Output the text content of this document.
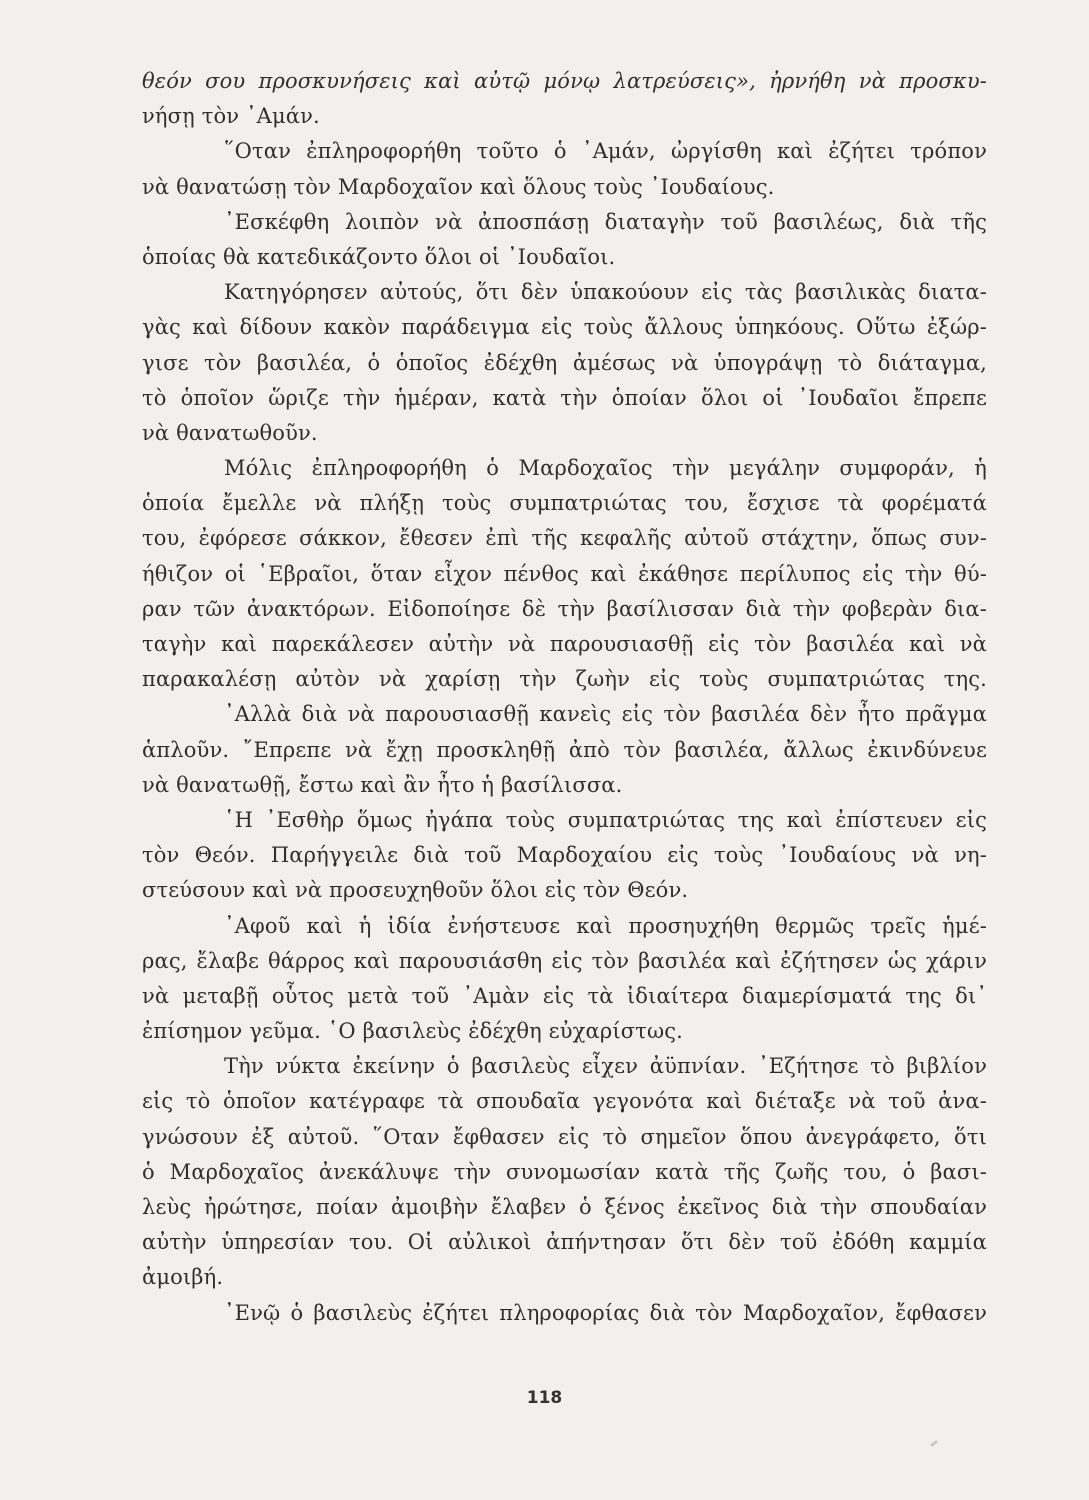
θεόν σου προσκυνήσεις καὶ αὐτῷ μόνῳ λατρεύσεις», ἠρνήθη νὰ προσκυ-
νήσῃ τὸν ᾿Αμάν.
῞Οταν ἐπληροφορήθη τοῦτο ὁ ᾿Αμάν, ὠργίσθη καὶ ἐζήτει τρόπον
νὰ θανατώσῃ τὸν Μαρδοχαῖον καὶ ὅλους τοὺς ᾿Ιουδαίους.
᾿Εσκέφθη λοιπὸν νὰ ἀποσπάσῃ διαταγὴν τοῦ βασιλέως, διὰ τῆς
ὁποίας θὰ κατεδικάζοντο ὅλοι οἱ ᾿Ιουδαῖοι.
Κατηγόρησεν αὐτούς, ὅτι δὲν ὑπακούουν εἰς τὰς βασιλικὰς διατα-
γὰς καὶ δίδουν κακὸν παράδειγμα εἰς τοὺς ἄλλους ὑπηκόους. Οὕτω ἐξώρ-
γισε τὸν βασιλέα, ὁ ὁποῖος ἐδέχθη ἀμέσως νὰ ὑπογράψῃ τὸ διάταγμα,
τὸ ὁποῖον ὥριζε τὴν ἡμέραν, κατὰ τὴν ὁποίαν ὅλοι οἱ ᾿Ιουδαῖοι ἔπρεπε
νὰ θανατωθοῦν.
Μόλις ἐπληροφορήθη ὁ Μαρδοχαῖος τὴν μεγάλην συμφοράν, ἡ
ὁποία ἔμελλε νὰ πλήξῃ τοὺς συμπατριώτας του, ἔσχισε τὰ φορέματά
του, ἐφόρεσε σάκκον, ἔθεσεν ἐπὶ τῆς κεφαλῆς αὐτοῦ στάχτην, ὅπως συν-
ήθιζον οἱ ῾Εβραῖοι, ὅταν εἶχον πένθος καὶ ἐκάθησε περίλυπος εἰς τὴν θύ-
ραν τῶν ἀνακτόρων. Εἰδοποίησε δὲ τὴν βασίλισσαν διὰ τὴν φοβερὰν δια-
ταγὴν καὶ παρεκάλεσεν αὐτὴν νὰ παρουσιασθῇ εἰς τὸν βασιλέα καὶ νὰ
παρακαλέσῃ αὐτὸν νὰ χαρίσῃ τὴν ζωὴν εἰς τοὺς συμπατριώτας της.
᾿Αλλὰ διὰ νὰ παρουσιασθῇ κανεὶς εἰς τὸν βασιλέα δὲν ἦτο πρᾶγμα
ἁπλοῦν. ῎Επρεπε νὰ ἔχῃ προσκληθῇ ἀπὸ τὸν βασιλέα, ἄλλως ἐκινδύνευε
νὰ θανατωθῇ, ἔστω καὶ ἂν ἦτο ἡ βασίλισσα.
῾Η ᾿Εσθὴρ ὅμως ἠγάπα τοὺς συμπατριώτας της καὶ ἐπίστευεν εἰς
τὸν Θεόν. Παρήγγειλε διὰ τοῦ Μαρδοχαίου εἰς τοὺς ᾿Ιουδαίους νὰ νη-
στεύσουν καὶ νὰ προσευχηθοῦν ὅλοι εἰς τὸν Θεόν.
᾿Αφοῦ καὶ ἡ ἰδία ἐνήστευσε καὶ προσηυχήθη θερμῶς τρεῖς ἡμέ-
ρας, ἔλαβε θάρρος καὶ παρουσιάσθη εἰς τὸν βασιλέα καὶ ἐζήτησεν ὡς χάριν
νὰ μεταβῇ οὗτος μετὰ τοῦ ᾿Αμὰν εἰς τὰ ἰδιαίτερα διαμερίσματά της δι᾿
ἐπίσημον γεῦμα. ῾Ο βασιλεὺς ἐδέχθη εὐχαρίστως.
Τὴν νύκτα ἐκείνην ὁ βασιλεὺς εἶχεν ἀϋπνίαν. ᾿Εζήτησε τὸ βιβλίον
εἰς τὸ ὁποῖον κατέγραφε τὰ σπουδαῖα γεγονότα καὶ διέταξε νὰ τοῦ ἀνα-
γνώσουν ἐξ αὐτοῦ. ῞Οταν ἔφθασεν εἰς τὸ σημεῖον ὅπου ἀνεγράφετο, ὅτι
ὁ Μαρδοχαῖος ἀνεκάλυψε τὴν συνομωσίαν κατὰ τῆς ζωῆς του, ὁ βασι-
λεὺς ἠρώτησε, ποίαν ἀμοιβὴν ἔλαβεν ὁ ξένος ἐκεῖνος διὰ τὴν σπουδαίαν
αὐτὴν ὑπηρεσίαν του. Οἱ αὐλικοὶ ἀπήντησαν ὅτι δὲν τοῦ ἐδόθη καμμία
ἀμοιβή.
᾿Ενῷ ὁ βασιλεὺς ἐζήτει πληροφορίας διὰ τὸν Μαρδοχαῖον, ἔφθασεν
118
